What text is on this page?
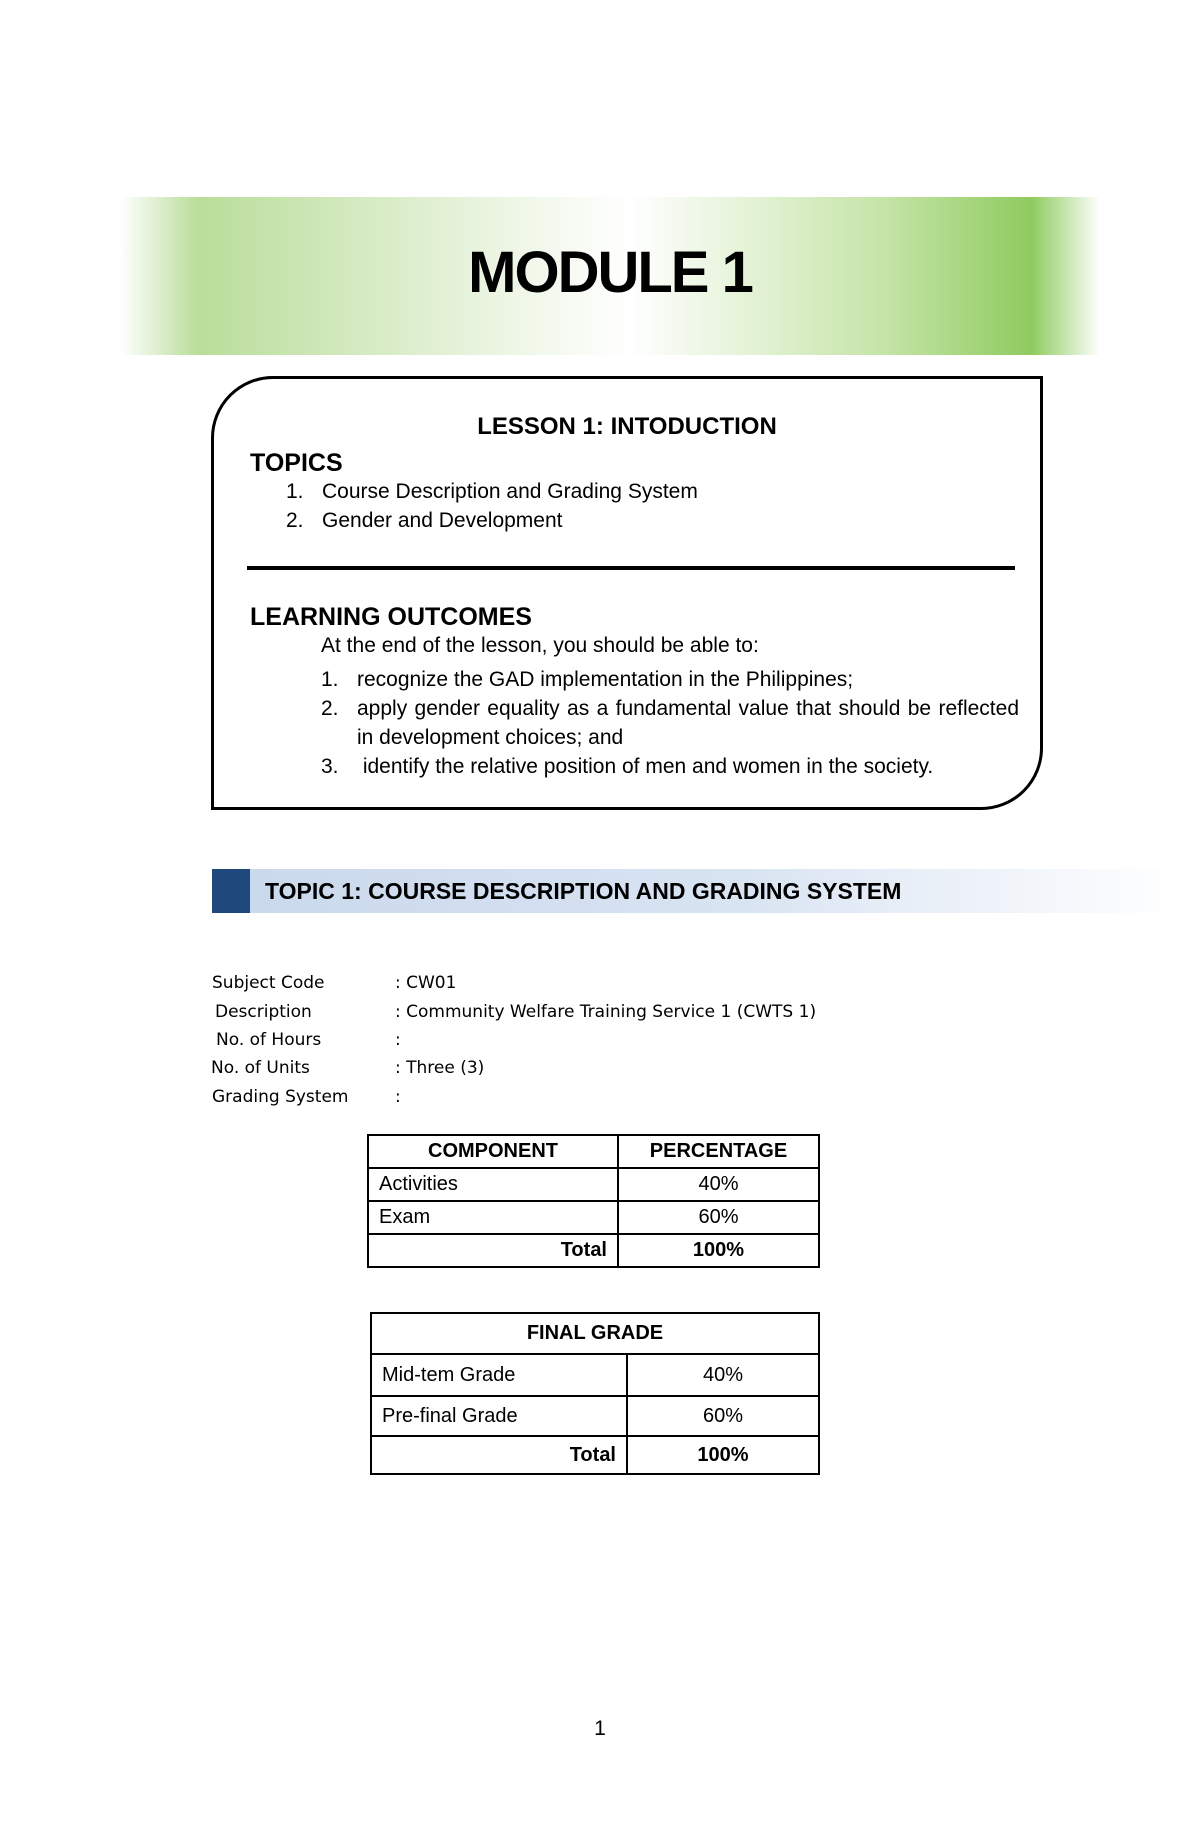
MODULE 1
LESSON 1: INTODUCTION
TOPICS
1. Course Description and Grading System
2. Gender and Development
LEARNING OUTCOMES
At the end of the lesson, you should be able to:
1. recognize the GAD implementation in the Philippines;
2. apply gender equality as a fundamental value that should be reflected in development choices; and
3. identify the relative position of men and women in the society.
TOPIC 1: COURSE DESCRIPTION AND GRADING SYSTEM
Subject Code	: CW01
Description	: Community Welfare Training Service 1 (CWTS 1)
No. of Hours	:
No. of Units	: Three (3)
Grading System	:
COMPONENT	PERCENTAGE
Activities	40%
Exam	60%
Total	100%
FINAL GRADE	
Mid-tem Grade	40%
Pre-final Grade	60%
Total	100%
1
